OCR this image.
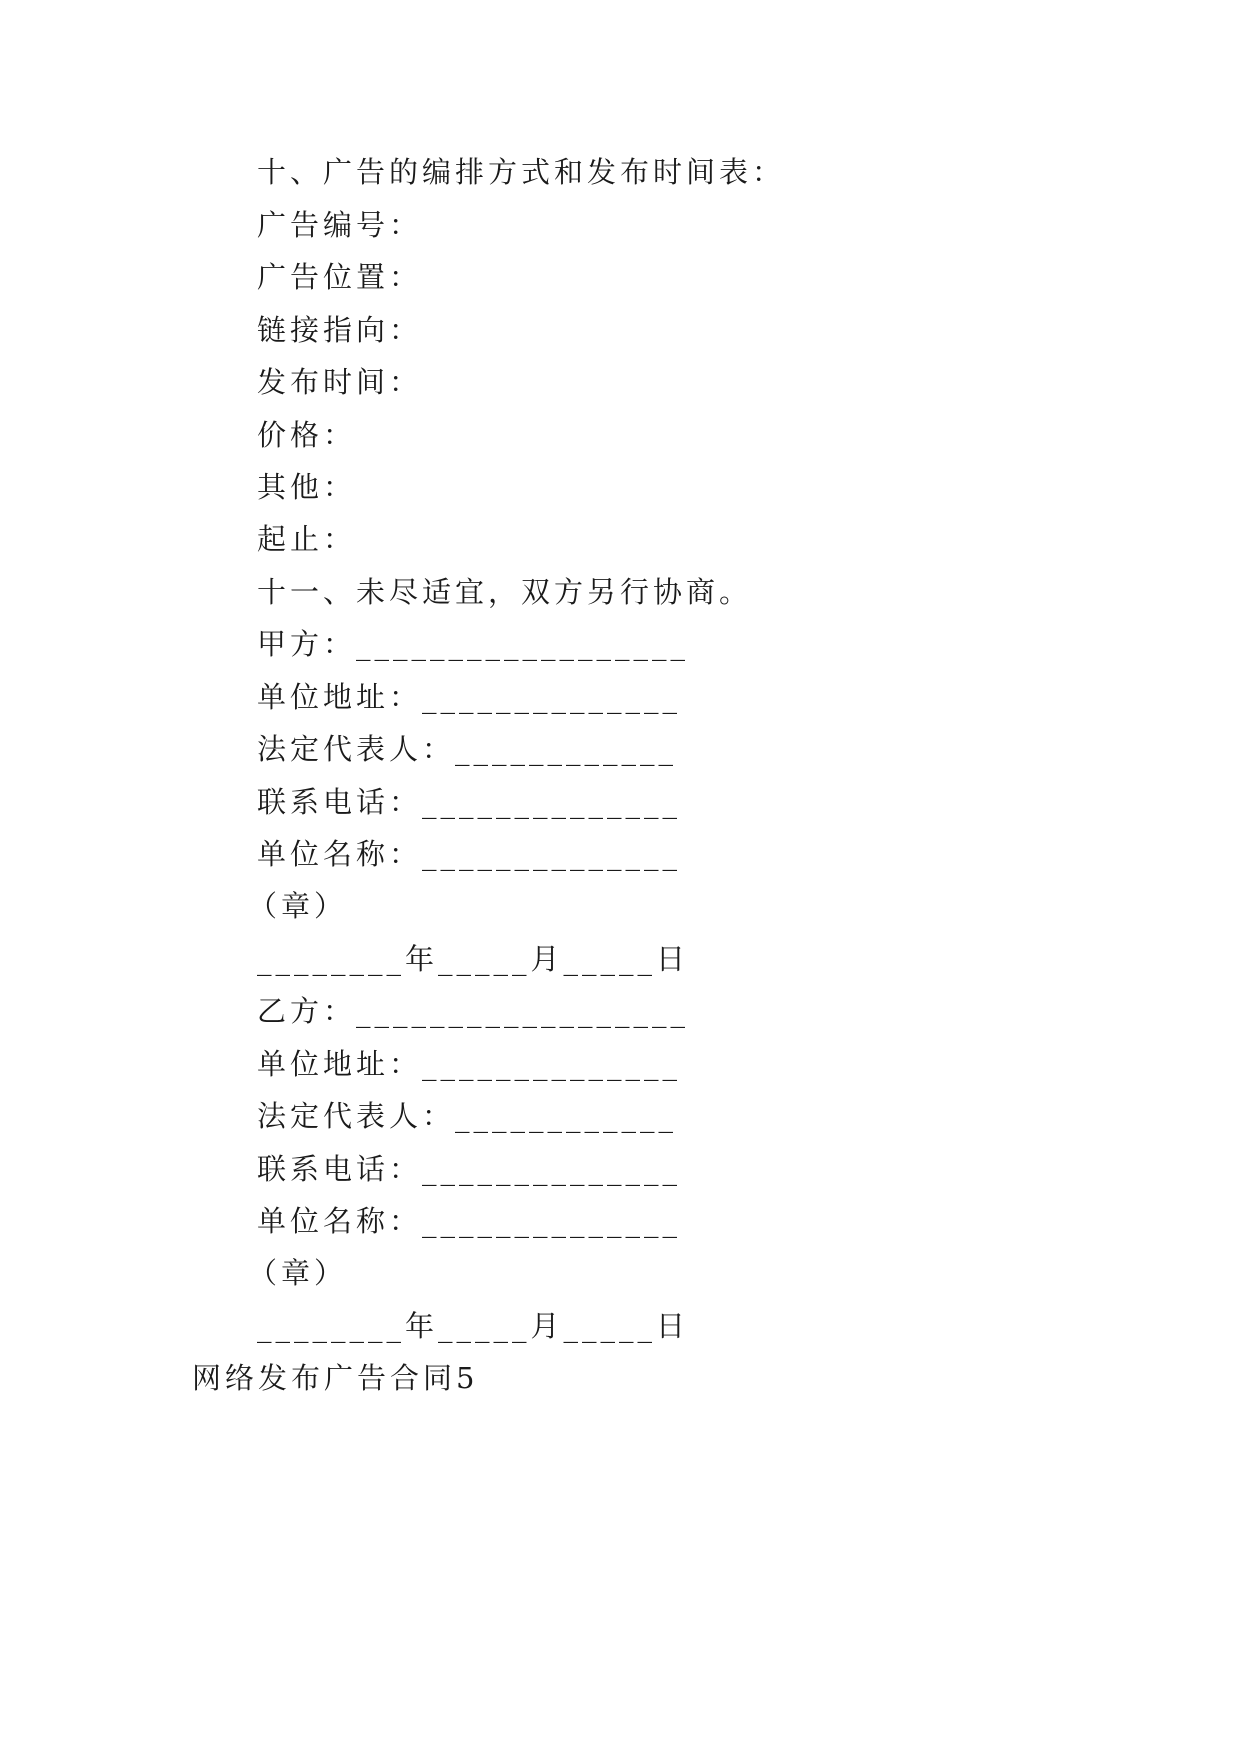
十、广告的编排方式和发布时间表：
广告编号：
广告位置：
链接指向：
发布时间：
价格：
其他：
起止：
十一、未尽适宜，双方另行协商。
甲方：__________________
单位地址：______________
法定代表人：____________
联系电话：______________
单位名称：______________
（章）
________年_____月_____日
乙方：__________________
单位地址：______________
法定代表人：____________
联系电话：______________
单位名称：______________
（章）
________年_____月_____日
网络发布广告合同5
